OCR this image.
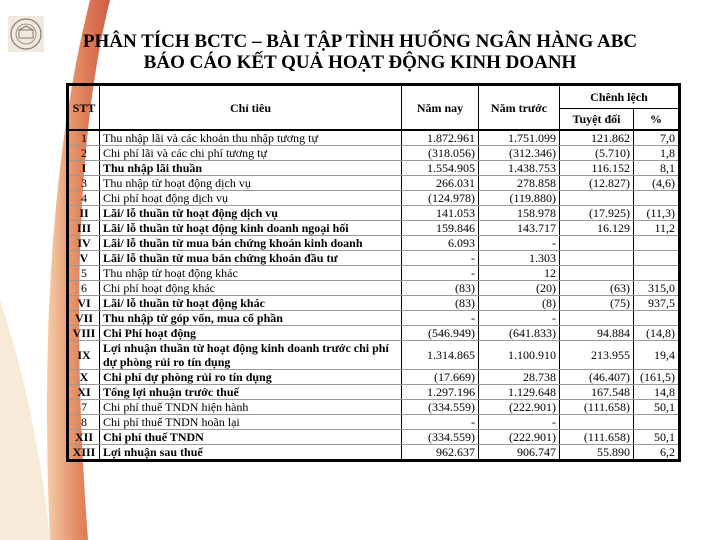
PHÂN TÍCH BCTC – BÀI TẬP TÌNH HUỐNG NGÂN HÀNG ABC
BÁO CÁO KẾT QUẢ HOẠT ĐỘNG KINH DOANH
STT	Chỉ tiêu	Năm nay	Năm trước	Chênh lệch	
				Tuyệt đối	%
1	Thu nhập lãi và các khoản thu nhập tương tự	1.872.961	1.751.099	121.862	7,0
2	Chi phí lãi và các chi phí tương tự	(318.056)	(312.346)	(5.710)	1,8
I	Thu nhập lãi thuần	1.554.905	1.438.753	116.152	8,1
3	Thu nhập từ hoạt động dịch vụ	266.031	278.858	(12.827)	(4,6)
4	Chi phí hoạt động dịch vụ	(124.978)	(119.880)		
II	Lãi/ lỗ thuần từ hoạt động dịch vụ	141.053	158.978	(17.925)	(11,3)
III	Lãi/ lỗ thuần từ hoạt động kinh doanh ngoại hối	159.846	143.717	16.129	11,2
IV	Lãi/ lỗ thuần từ mua bán chứng khoán kinh doanh	6.093	-		
V	Lãi/ lỗ thuần từ mua bán chứng khoán đầu tư	-	1.303		
5	Thu nhập từ hoạt động khác	-	12		
6	Chi phí hoạt động khác	(83)	(20)	(63)	315,0
VI	Lãi/ lỗ thuần từ hoạt động khác	(83)	(8)	(75)	937,5
VII	Thu nhập từ góp vốn, mua cổ phần	-	-		
VIII	Chi Phí hoạt động	(546.949)	(641.833)	94.884	(14,8)
IX	Lợi nhuận thuần từ hoạt động kinh doanh trước chi phí dự phòng rủi ro tín dụng	1.314.865	1.100.910	213.955	19,4
X	Chi phí dự phòng rủi ro tín dụng	(17.669)	28.738	(46.407)	(161,5)
XI	Tổng lợi nhuận trước thuế	1.297.196	1.129.648	167.548	14,8
7	Chi phí thuế TNDN hiện hành	(334.559)	(222.901)	(111.658)	50,1
8	Chi phí thuế TNDN hoãn lại	-	-		
XII	Chi phí thuế TNDN	(334.559)	(222.901)	(111.658)	50,1
XIII	Lợi nhuận sau thuế	962.637	906.747	55.890	6,2
